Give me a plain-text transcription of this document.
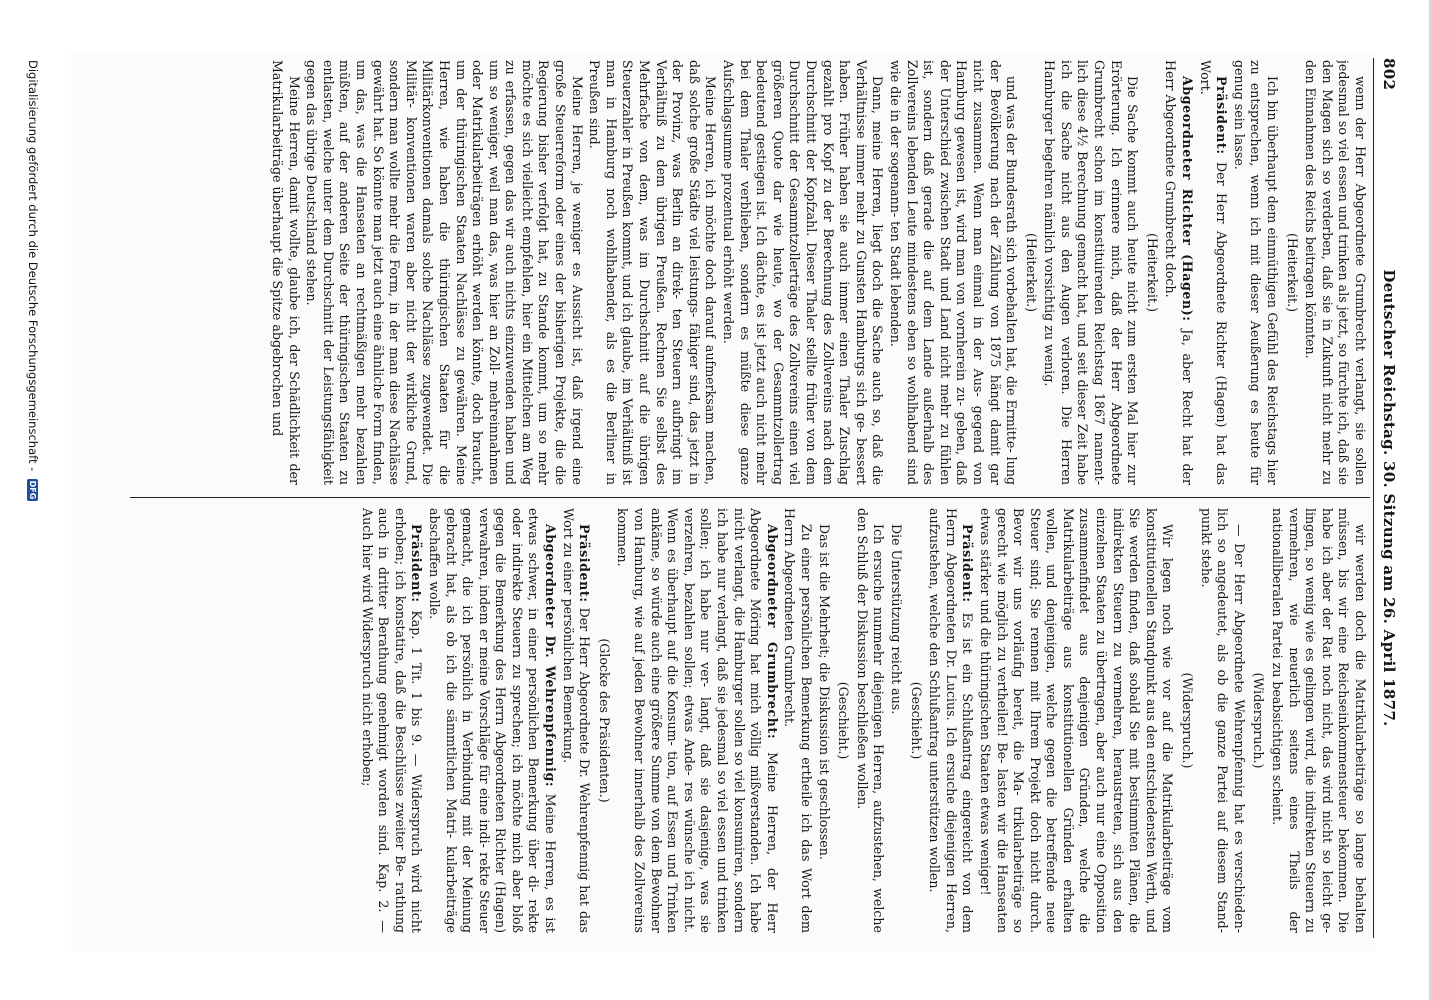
802
Deutscher Reichstag. 30. Sitzung am 26. April 1877.

wenn der Herr Abgeordnete Grumbrecht verlangt, sie sollen jedesmal so viel essen und trinken als jetzt, so fürchte ich, daß sie den Magen sich so verderben, daß sie in Zukunft nicht mehr zu den Einnahmen des Reichs beitragen könnten.

(Heiterkeit.)

Ich bin überhaupt dem einmüthigen Gefühl des Reichstags hier zu entsprechen, wenn ich mit dieser Aeußerung es heute für genug sein lasse.

Präsident: Der Herr Abgeordnete Richter (Hagen) hat das Wort.

Abgeordneter Richter (Hagen): Ja, aber Recht hat der Herr Abgeordnete Grumbrecht doch.

(Heiterkeit.)

Die Sache kommt auch heute nicht zum ersten Mal hier zur Erörterung. Ich erinnere mich, daß der Herr Abgeordnete Grumbrecht schon im konstituirenden Reichstag 1867 nament- lich diese 4½ Berechnung gemacht hat, und seit dieser Zeit habe ich die Sache nicht aus den Augen verloren. Die Herren Hamburger begehren nämlich vorsichtig zu wenig.

(Heiterkeit.)

und was der Bundesrath sich vorbehalten hat, die Ermitte- lung der Bevölkerung nach der Zählung von 1875 hängt damit gar nicht zusammen. Wenn man einmal in der Aus- gegend von Hamburg gewesen ist, wird man von vornherein zu- geben, daß der Unterschied zwischen Stadt und Land nicht mehr zu fühlen ist, sondern daß gerade die auf dem Lande außerhalb des Zollvereins lebenden Leute mindestens eben so wohlhabend sind wie die in der sogenann- ten Stadt lebenden.

Dann, meine Herren, liegt doch die Sache auch so, daß die Verhältnisse immer mehr zu Gunsten Hamburgs sich ge- bessert haben. Früher haben sie auch immer einen Thaler Zuschlag gezahlt pro Kopf zu der Berechnung des Zollvereins nach dem Durchschnitt der Kopfzahl. Dieser Thaler stellte früher von dem Durchschnitt der Gesammtzollerträge des Zollvereins einen viel größeren Quote dar wie heute, wo der Gesammtzollertrag bedeutend gestiegen ist. Ich dächte, es ist jetzt auch nicht mehr bei dem Thaler verblieben, sondern es müßte diese ganze Aufschlagsumme prozentual erhöht werden.

Meine Herren, ich möchte doch darauf aufmerksam machen, daß solche große Städte viel leistungs- fähiger sind, das jetzt in der Provinz, was Berlin an direk- ten Steuern aufbringt im Verhältniß zu dem übrigen Preußen. Rechnen Sie selbst des Mehrfache von dem, was im Durchschnitt auf die übrigen Steuerzahler in Preußen kommt, und ich glaube, im Verhältniß ist man in Hamburg noch wohlhabender, als es die Berliner in Preußen sind.

Meine Herren, je weniger es Aussicht ist, daß irgend eine große Steuerreform oder eines der bisherigen Projekte, die die Regierung bisher verfolgt hat, zu Stande kommt, um so mehr möchte es sich vielleicht empfehlen, hier ein Mittelchen am Weg zu erfassen, gegen das wir auch nichts einzuwenden haben und um so weniger, weil man das, was hier an Zoll- mehreinnahmen oder Matrikularbeiträgen erhöht werden könnte, doch braucht, um der thüringischen Staaten Nachlässe zu gewähren. Meine Herren, wie haben die thüringischen Staaten für die Militärkonventionen damals solche Nachlässe zugewendet. Die Militär- konventionen waren aber nicht der wirkliche Grund, sondern man wollte mehr die Form, in der man diese Nachlässe gewährt hat. So könnte man jetzt auch eine ähnliche Form finden, um das, was die Hanseaten an rechtmäßigen mehr bezahlen müßten, auf der anderen Seite der thüringischen Staaten zu entlasten, welche unter dem Durchschnitt der Leistungsfähigkeit gegen das übrige Deutschland stehen.

Meine Herren, damit wollte, glaube ich, der Schädlichkeit der Matrikularbeiträge überhaupt die Spitze abgebrochen und

wir werden doch die Matrikularbeiträge so lange behalten müssen, bis wir eine Reichseinkommensteuer bekommen. Die habe ich aber der Rat noch nicht, das wird nicht so leicht ge- lingen, so wenig wie es gelingen wird, die indirekten Steuern zu vermehren, wie neuerlich seitens eines Theils der nationalliberalen Partei zu beabsichtigen scheint.

(Widerspruch.)

— Der Herr Abgeordnete Wehrenpfennig hat es verschieden- lich so angedeutet, als ob die ganze Partei auf diesem Stand- punkt stehe.

(Widerspruch.)

Wir legen noch wie vor auf die Matrikularbeiträge vom konstitutionellen Standpunkt aus den entschiedensten Werth, und Sie werden finden, daß sobald Sie mit bestimmten Plänen, die indirekten Steuern zu vermehren, heraustreten, sich aus den einzelnen Staaten zu übertragen, aber auch nur eine Opposition zusammenfindet aus denjenigen Gründen, welche die Matrikularbeiträge aus konstitutionellen Gründen erhalten wollen, und denjenigen, welche gegen die betreffende neue Steuer sind; Sie rennen mit Ihrem Projekt doch nicht durch. Bevor wir uns vorläufig bereit, die Ma- trikularbeiträge so gerecht wie möglich zu vertheilen! Be- lasten wir die Hanseaten etwas stärker und die thüringischen Staaten etwas weniger!

Präsident: Es ist ein Schlußantrag eingereicht von dem Herrn Abgeordneten Dr. Lucius. Ich ersuche diejenigen Herren, aufzustehen, welche den Schlußantrag unterstützen wollen.

(Geschieht.)

Die Unterstützung reicht aus.

Ich ersuche nunmehr diejenigen Herren, aufzustehen, welche den Schluß der Diskussion beschließen wollen.

(Geschieht.)

Das ist die Mehrheit; die Diskussion ist geschlossen.

Zu einer persönlichen Bemerkung ertheile ich das Wort dem Herrn Abgeordneten Grumbrecht.

Abgeordneter Grumbrecht: Meine Herren, der Herr Abgeordnete Möring hat mich völlig mißverstanden. Ich habe nicht verlangt, die Hamburger sollen so viel konsumiren, sondern ich habe nur verlangt, daß sie jedesmal so viel essen und trinken sollen; ich habe nur ver- langt, daß sie dasjenige, was sie verzehren, bezahlen sollen; etwas Ande- res wünsche ich nicht. Wenn es überhaupt auf die Konsum- tion, auf Essen und Trinken ankäme, so würde auch eine größere Summe von dem Bewohner von Hamburg, wie auf jeden Bewohner innerhalb des Zollvereins kommen.

(Glocke des Präsidenten.)

Präsident: Der Herr Abgeordnete Dr. Wehrenpfennig hat das Wort zu einer persönlichen Bemerkung.

Abgeordneter Dr. Wehrenpfennig: Meine Herren, es ist etwas schwer, in einer persönlichen Bemerkung über di- rekte oder indirekte Steuern zu sprechen; ich möchte mich aber bloß gegen die Bemerkung des Herrn Abgeordneten Richter (Hagen) verwahren, indem er meine Vorschläge für eine indi- rekte Steuer gemacht, die ich persönlich in Verbindung mit der Meinung gebracht hat, als ob ich die sämmtlichen Matri- kularbeiträge abschaffen wolle.

Präsident: Kap. 1 Tit. 1 bis 9. — Widerspruch wird nicht erhoben; ich konstatire, daß die Beschlüsse zweiter Be- rathung auch in dritter Berathung genehmigt worden sind. Kap. 2. — Auch hier wird Widerspruch nicht erhoben;

Digitalisierung gefördert durch die Deutsche Forschungsgemeinschaft - DFG
